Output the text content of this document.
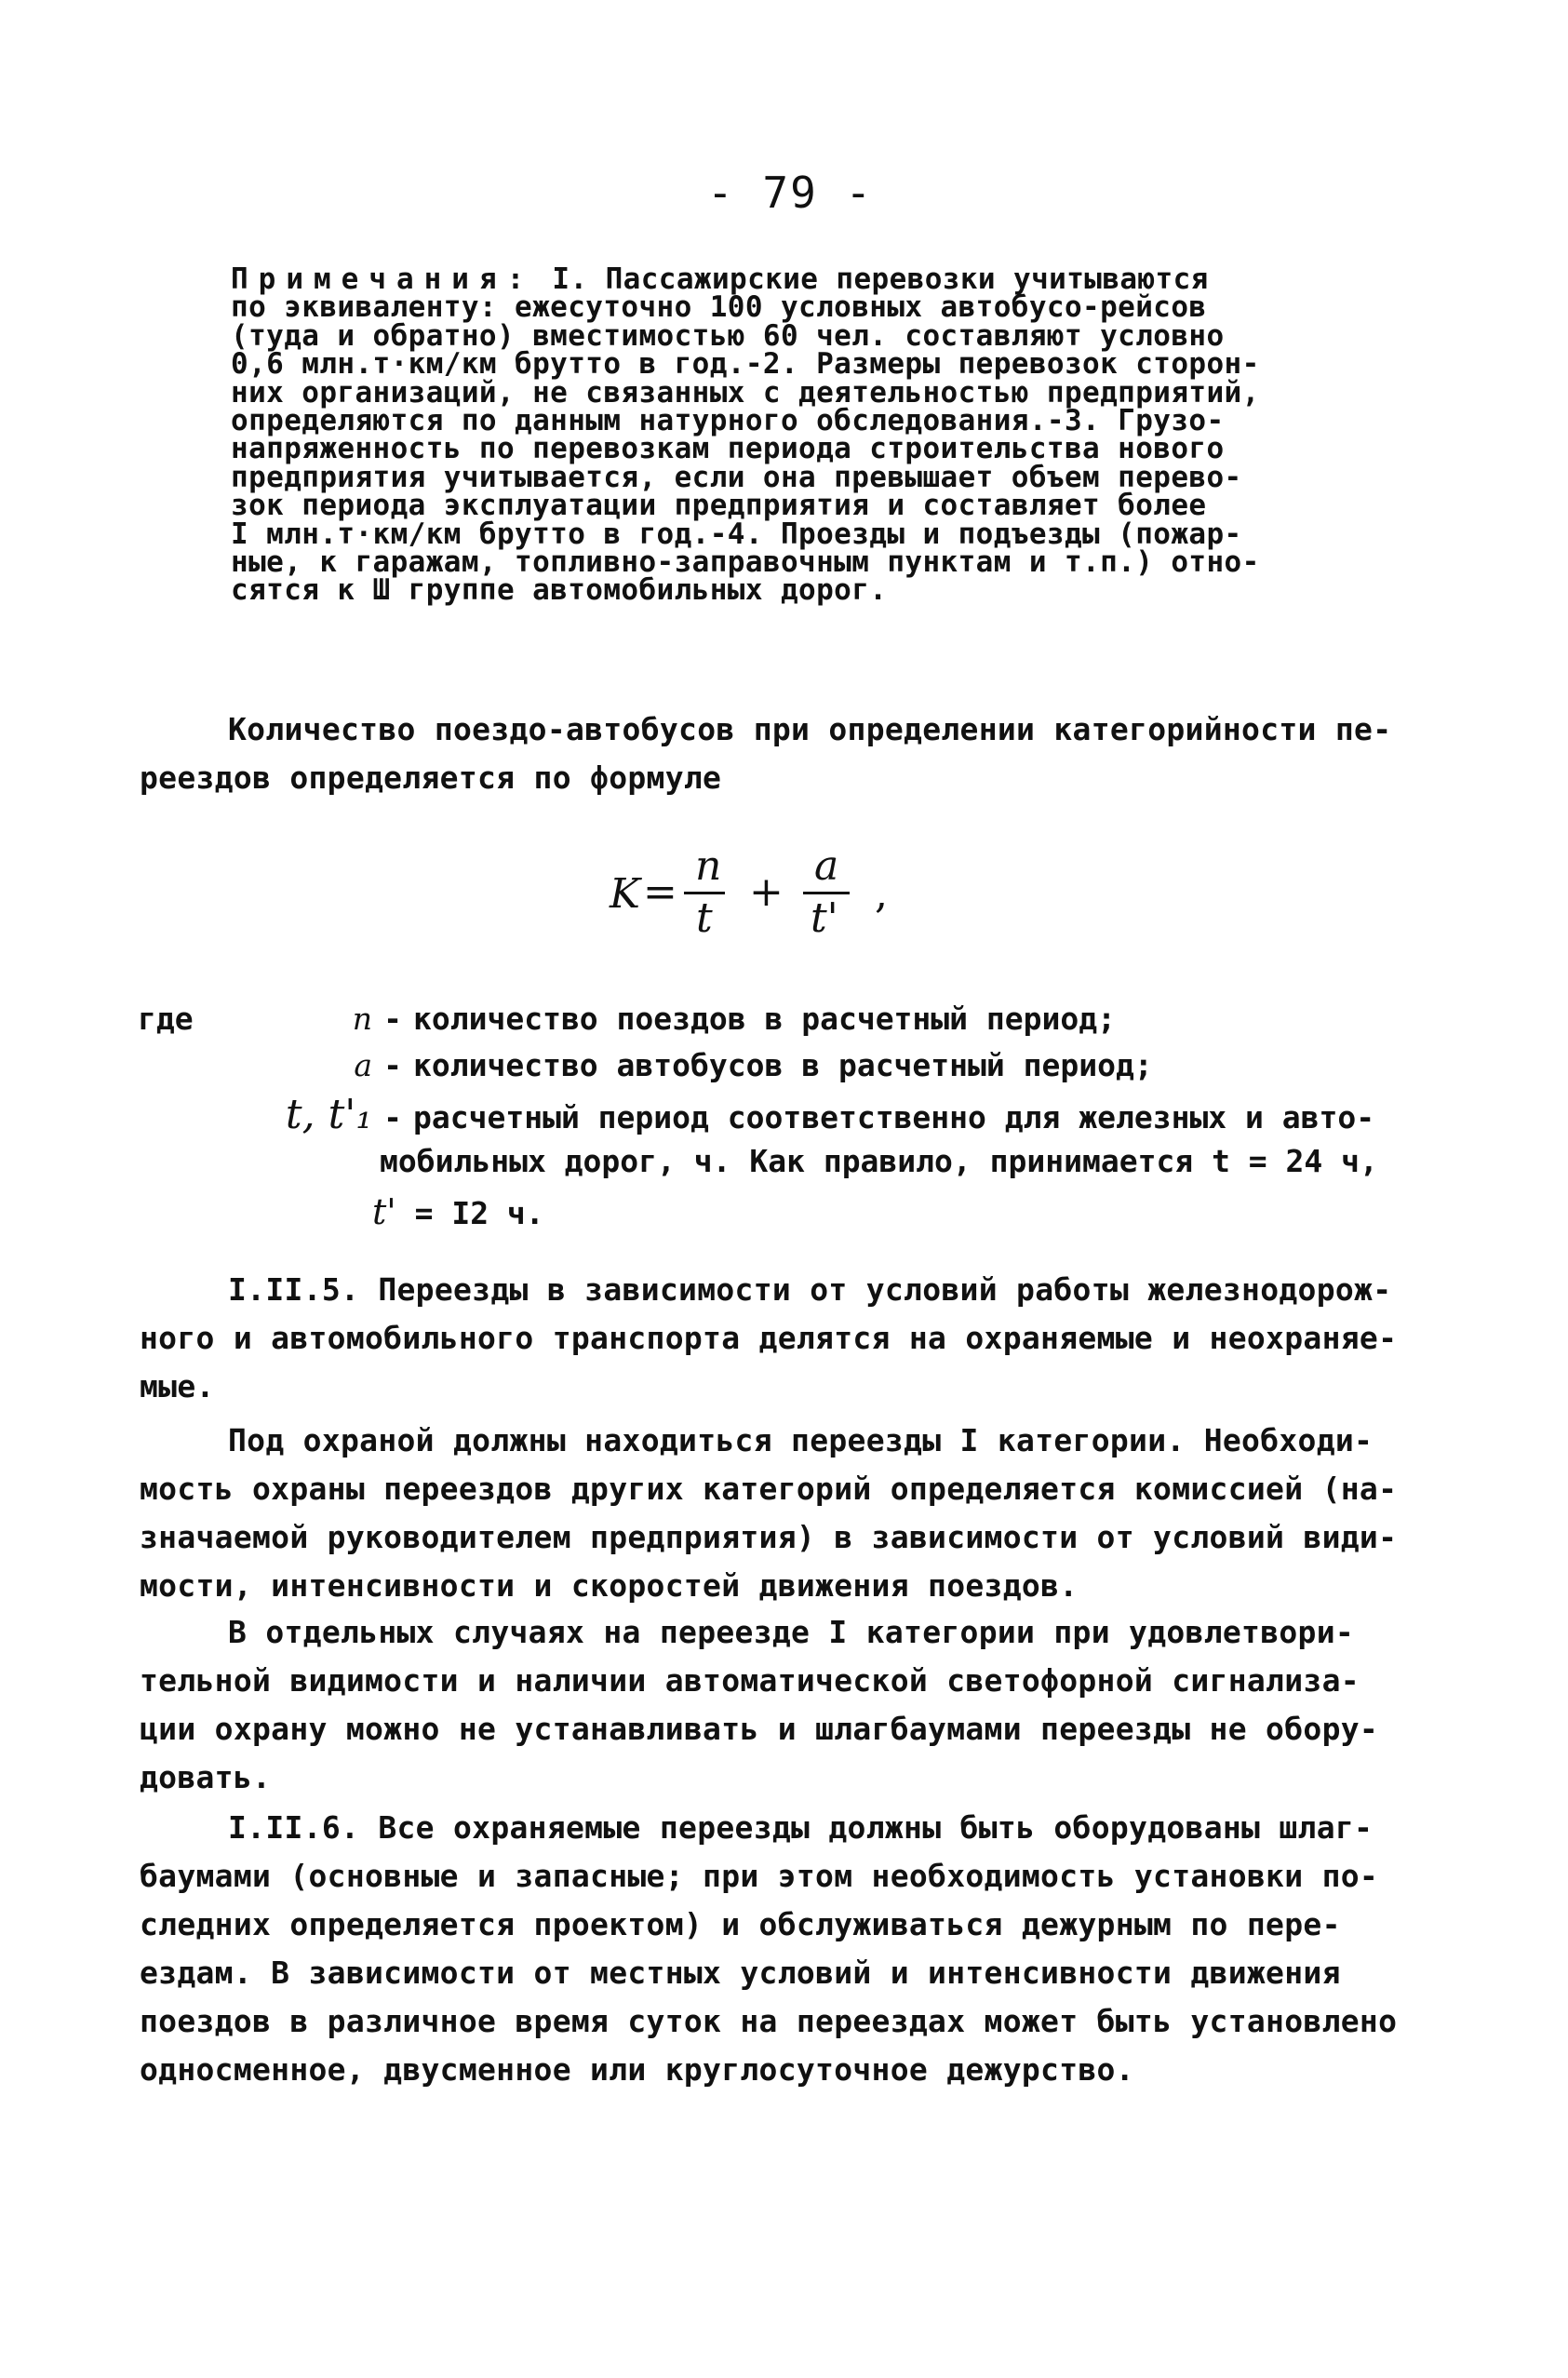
- 79 -
Примечания: І. Пассажирские перевозки учитываются
по эквиваленту: ежесуточно 100 условных автобусо-рейсов
(туда и обратно) вместимостью 60 чел. составляют условно
0,6 млн.т·км/км брутто в год.-2. Размеры перевозок сторон-
них организаций, не связанных с деятельностью предприятий,
определяются по данным натурного обследования.-3. Грузо-
напряженность по перевозкам периода строительства нового
предприятия учитывается, если она превышает объем перево-
зок периода эксплуатации предприятия и составляет более
І млн.т·км/км брутто в год.-4. Проезды и подъезды (пожар-
ные, к гаражам, топливно-заправочным пунктам и т.п.) отно-
сятся к Ш группе автомобильных дорог.
Количество поездо-автобусов при определении категорийности пе-
реездов определяется по формуле
K =
n
t
+
a
t'
,
где	n - количество поездов в расчетный период;
a - количество автобусов в расчетный период;
t, t'₁ - расчетный период соответственно для железных и авто-
мобильных дорог, ч. Как правило, принимается t = 24 ч,
t' = I2 ч.
I.II.5. Переезды в зависимости от условий работы железнодорож-
ного и автомобильного транспорта делятся на охраняемые и неохраняе-
мые.
Под охраной должны находиться переезды I категории. Необходи-
мость охраны переездов других категорий определяется комиссией (на-
значаемой руководителем предприятия) в зависимости от условий види-
мости, интенсивности и скоростей движения поездов.
В отдельных случаях на переезде I категории при удовлетвори-
тельной видимости и наличии автоматической светофорной сигнализа-
ции охрану можно не устанавливать и шлагбаумами переезды не обору-
довать.
I.II.6. Все охраняемые переезды должны быть оборудованы шлаг-
баумами (основные и запасные; при этом необходимость установки по-
следних определяется проектом) и обслуживаться дежурным по пере-
ездам. В зависимости от местных условий и интенсивности движения
поездов в различное время суток на переездах может быть установлено
односменное, двусменное или круглосуточное дежурство.
